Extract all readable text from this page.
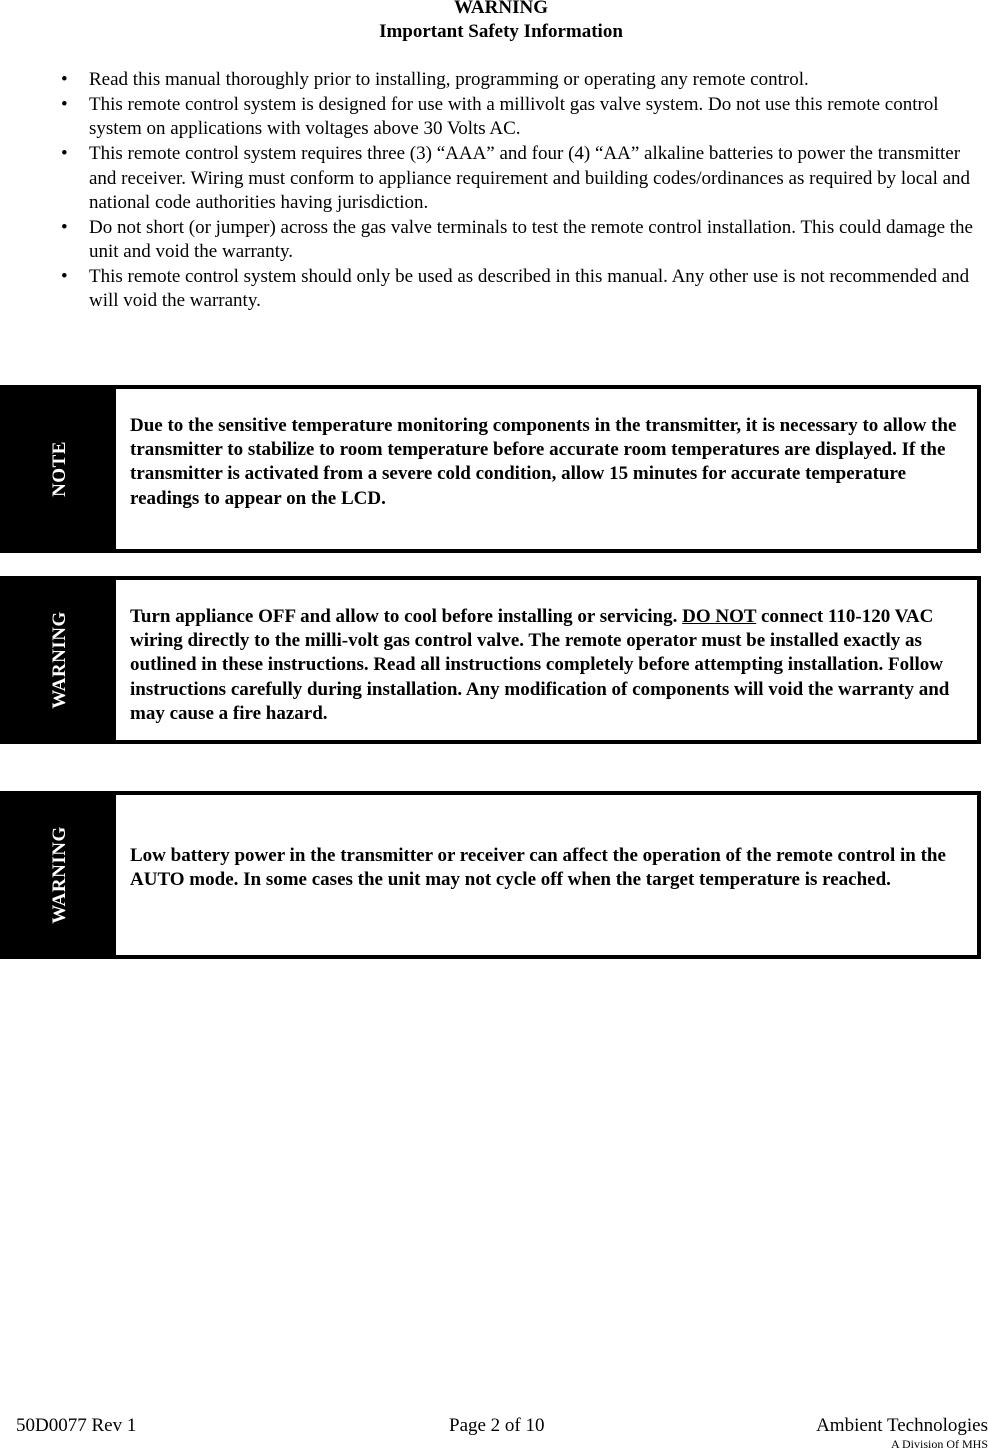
WARNING
Important Safety Information
• Read this manual thoroughly prior to installing, programming or operating any remote control.
• This remote control system is designed for use with a millivolt gas valve system. Do not use this remote control system on applications with voltages above 30 Volts AC.
• This remote control system requires three (3) “AAA” and four (4) “AA” alkaline batteries to power the transmitter and receiver. Wiring must conform to appliance requirement and building codes/ordinances as required by local and national code authorities having jurisdiction.
• Do not short (or jumper) across the gas valve terminals to test the remote control installation. This could damage the unit and void the warranty.
• This remote control system should only be used as described in this manual. Any other use is not recommended and will void the warranty.
NOTE
Due to the sensitive temperature monitoring components in the transmitter, it is necessary to allow the transmitter to stabilize to room temperature before accurate room temperatures are displayed. If the transmitter is activated from a severe cold condition, allow 15 minutes for accurate temperature readings to appear on the LCD.
WARNING	Turn appliance OFF and allow to cool before installing or servicing. DO NOT connect 110-120 VAC wiring directly to the milli-volt gas control valve. The remote operator must be installed exactly as outlined in these instructions. Read all instructions completely before attempting installation. Follow instructions carefully during installation. Any modification of components will void the warranty and may cause a fire hazard.
WARNING	Low battery power in the transmitter or receiver can affect the operation of the remote control in the AUTO mode. In some cases the unit may not cycle off when the target temperature is reached.
50D0077 Rev 1	Page 2 of 10	Ambient Technologies
A Division Of MHS
